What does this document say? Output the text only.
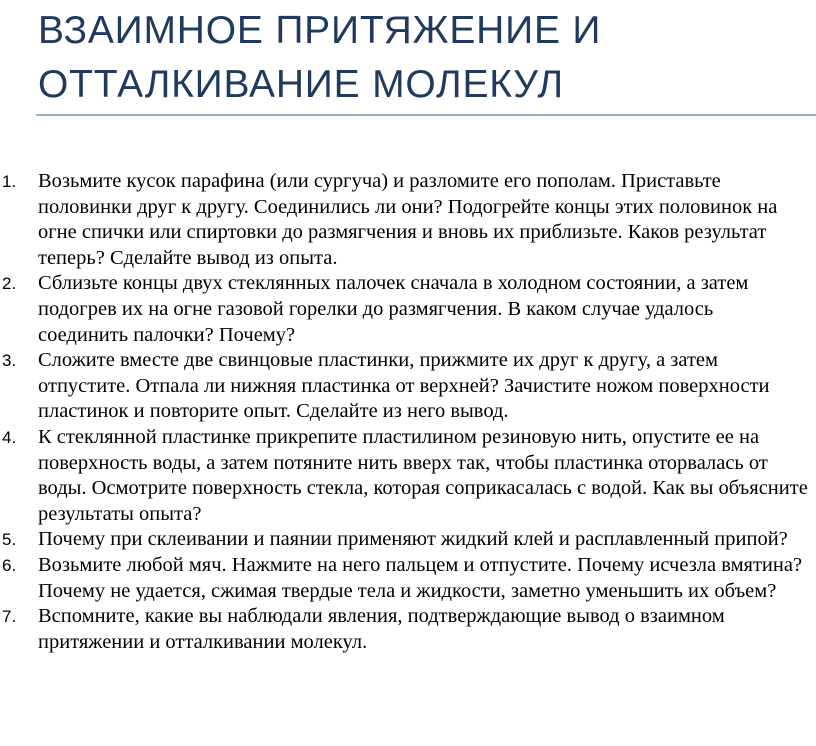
ВЗАИМНОЕ ПРИТЯЖЕНИЕ И
ОТТАЛКИВАНИЕ МОЛЕКУЛ
1. Возьмите кусок парафина (или сургуча) и разломите его пополам. Приставьте половинки друг к другу. Соединились ли они? Подогрейте концы этих половинок на огне спички или спиртовки до размягчения и вновь их приблизьте. Каков результат теперь? Сделайте вывод из опыта.
2. Сблизьте концы двух стеклянных палочек сначала в холодном состоянии, а затем подогрев их на огне газовой горелки до размягчения. В каком случае удалось соединить палочки? Почему?
3. Сложите вместе две свинцовые пластинки, прижмите их друг к другу, а затем отпустите. Отпала ли нижняя пластинка от верхней? Зачистите ножом поверхности пластинок и повторите опыт. Сделайте из него вывод.
4. К стеклянной пластинке прикрепите пластилином резиновую нить, опустите ее на поверхность воды, а затем потяните нить вверх так, чтобы пластинка оторвалась от воды. Осмотрите поверхность стекла, которая соприкасалась с водой. Как вы объясните результаты опыта?
5. Почему при склеивании и паянии применяют жидкий клей и расплавленный припой?
6. Возьмите любой мяч. Нажмите на него пальцем и отпустите. Почему исчезла вмятина? Почему не удается, сжимая твердые тела и жидкости, заметно уменьшить их объем?
7. Вспомните, какие вы наблюдали явления, подтверждающие вывод о взаимном притяжении и отталкивании молекул.
